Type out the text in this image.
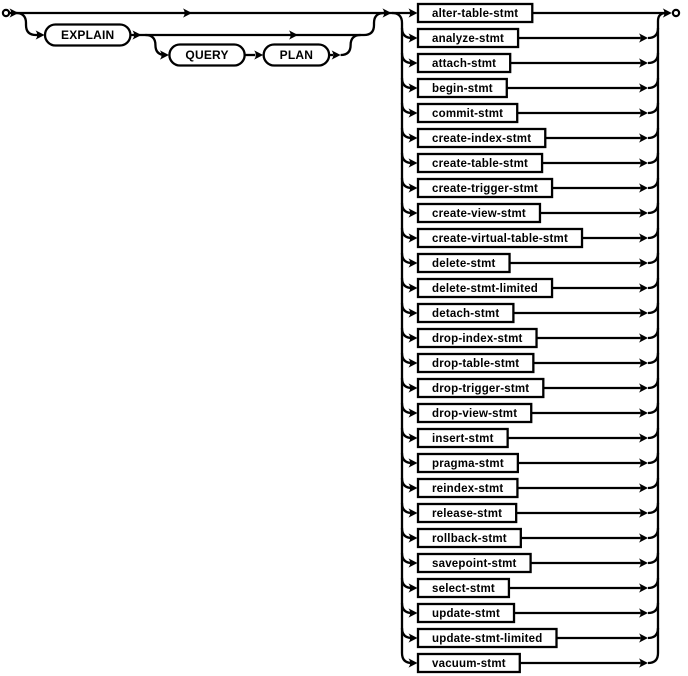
EXPLAIN
QUERY	PLAN
alter-table-stmt
analyze-stmt
attach-stmt
begin-stmt
commit-stmt
create-index-stmt
create-table-stmt
create-trigger-stmt
create-view-stmt
create-virtual-table-stmt
delete-stmt
delete-stmt-limited
detach-stmt
drop-index-stmt
drop-table-stmt
drop-trigger-stmt
drop-view-stmt
insert-stmt
pragma-stmt
reindex-stmt
release-stmt
rollback-stmt
savepoint-stmt
select-stmt
update-stmt
update-stmt-limited
vacuum-stmt
